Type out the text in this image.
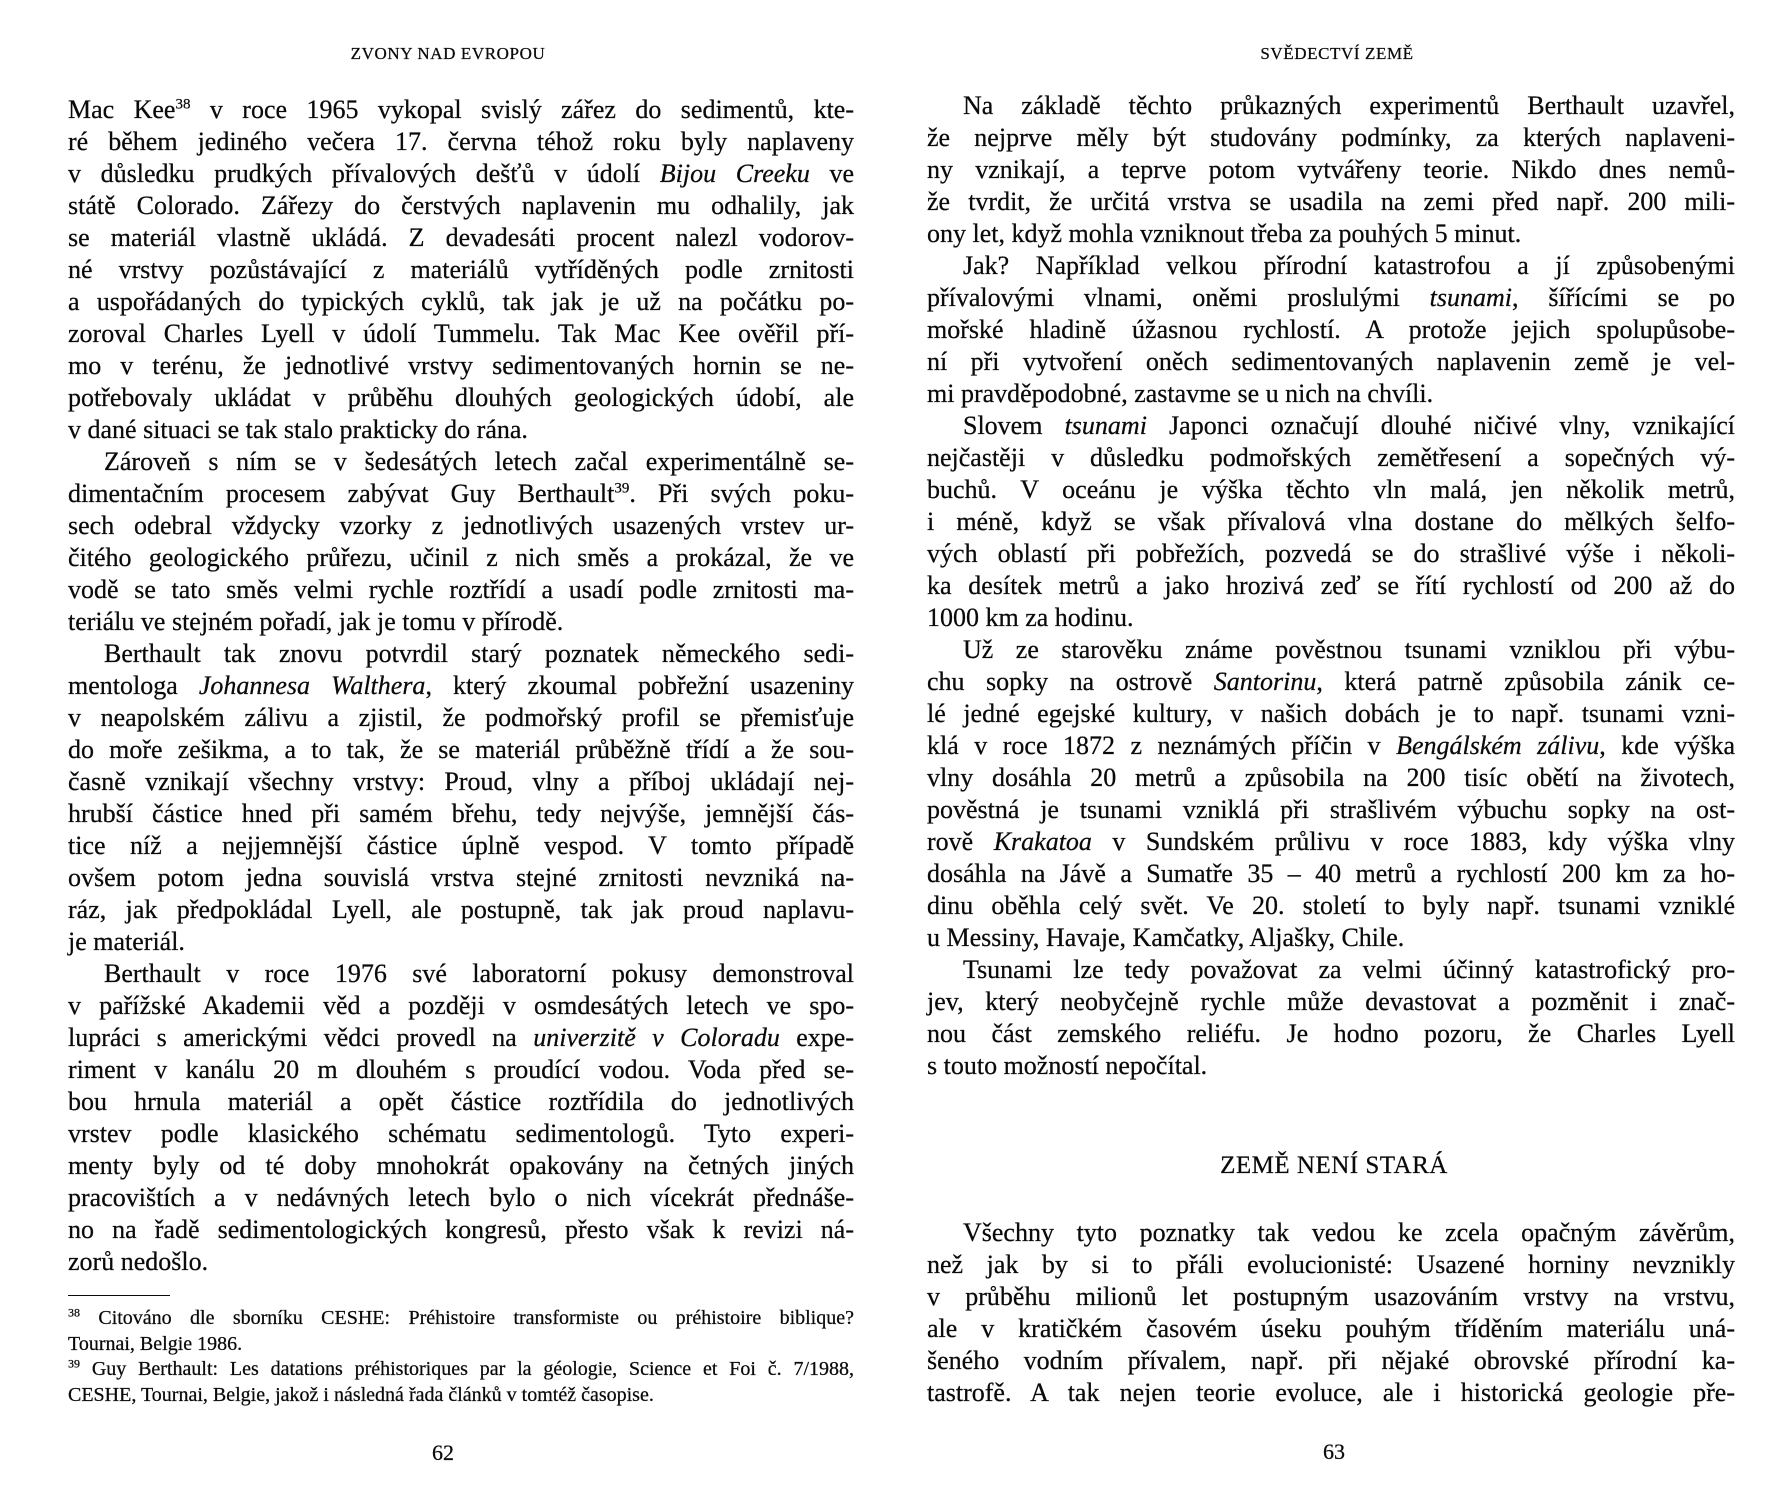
ZVONY NAD EVROPOU
Mac Kee$^{38}$ v roce 1965 vykopal svislý zářez do sedimentů, kte-
ré během jediného večera 17. června téhož roku byly naplaveny
v důsledku prudkých přívalových dešťů v údolí Bijou Creeku ve
státě Colorado. Zářezy do čerstvých naplavenin mu odhalily, jak
se materiál vlastně ukládá. Z devadesáti procent nalezl vodorov-
né vrstvy pozůstávající z materiálů vytříděných podle zrnitosti
a uspořádaných do typických cyklů, tak jak je už na počátku po-
zoroval Charles Lyell v údolí Tummelu. Tak Mac Kee ověřil pří-
mo v terénu, že jednotlivé vrstvy sedimentovaných hornin se ne-
potřebovaly ukládat v průběhu dlouhých geologických údobí, ale
v dané situaci se tak stalo prakticky do rána.
Zároveň s ním se v šedesátých letech začal experimentálně se-
dimentačním procesem zabývat Guy Berthault$^{39}$. Při svých poku-
sech odebral vždycky vzorky z jednotlivých usazených vrstev ur-
čitého geologického průřezu, učinil z nich směs a prokázal, že ve
vodě se tato směs velmi rychle roztřídí a usadí podle zrnitosti ma-
teriálu ve stejném pořadí, jak je tomu v přírodě.
Berthault tak znovu potvrdil starý poznatek německého sedi-
mentologa Johannesa Walthera, který zkoumal pobřežní usazeniny
v neapolském zálivu a zjistil, že podmořský profil se přemisťuje
do moře zešikma, a to tak, že se materiál průběžně třídí a že sou-
časně vznikají všechny vrstvy: Proud, vlny a příboj ukládají nej-
hrubší částice hned při samém břehu, tedy nejvýše, jemnější čás-
tice níž a nejjemnější částice úplně vespod. V tomto případě
ovšem potom jedna souvislá vrstva stejné zrnitosti nevzniká na-
ráz, jak předpokládal Lyell, ale postupně, tak jak proud naplavu-
je materiál.
Berthault v roce 1976 své laboratorní pokusy demonstroval
v pařížské Akademii věd a později v osmdesátých letech ve spo-
lupráci s americkými vědci provedl na univerzitě v Coloradu expe-
riment v kanálu 20 m dlouhém s proudící vodou. Voda před se-
bou hrnula materiál a opět částice roztřídila do jednotlivých
vrstev podle klasického schématu sedimentologů. Tyto experi-
menty byly od té doby mnohokrát opakovány na četných jiných
pracovištích a v nedávných letech bylo o nich vícekrát přednáše-
no na řadě sedimentologických kongresů, přesto však k revizi ná-
zorů nedošlo.
$^{38}$ Citováno dle sborníku CESHE: Préhistoire transformiste ou préhistoire biblique?
Tournai, Belgie 1986.
$^{39}$ Guy Berthault: Les datations préhistoriques par la géologie, Science et Foi č. 7/1988,
CESHE, Tournai, Belgie, jakož i následná řada článků v tomtéž časopise.
62
SVĚDECTVÍ ZEMĚ
Na základě těchto průkazných experimentů Berthault uzavřel,
že nejprve měly být studovány podmínky, za kterých naplaveni-
ny vznikají, a teprve potom vytvářeny teorie. Nikdo dnes nemů-
že tvrdit, že určitá vrstva se usadila na zemi před např. 200 mili-
ony let, když mohla vzniknout třeba za pouhých 5 minut.
Jak? Například velkou přírodní katastrofou a jí způsobenými
přívalovými vlnami, oněmi proslulými tsunami, šířícími se po
mořské hladině úžasnou rychlostí. A protože jejich spolupůsobe-
ní při vytvoření oněch sedimentovaných naplavenin země je vel-
mi pravděpodobné, zastavme se u nich na chvíli.
Slovem tsunami Japonci označují dlouhé ničivé vlny, vznikající
nejčastěji v důsledku podmořských zemětřesení a sopečných vý-
buchů. V oceánu je výška těchto vln malá, jen několik metrů,
i méně, když se však přívalová vlna dostane do mělkých šelfo-
vých oblastí při pobřežích, pozvedá se do strašlivé výše i několi-
ka desítek metrů a jako hrozivá zeď se řítí rychlostí od 200 až do
1000 km za hodinu.
Už ze starověku známe pověstnou tsunami vzniklou při výbu-
chu sopky na ostrově Santorinu, která patrně způsobila zánik ce-
lé jedné egejské kultury, v našich dobách je to např. tsunami vzni-
klá v roce 1872 z neznámých příčin v Bengálském zálivu, kde výška
vlny dosáhla 20 metrů a způsobila na 200 tisíc obětí na životech,
pověstná je tsunami vzniklá při strašlivém výbuchu sopky na ost-
rově Krakatoa v Sundském průlivu v roce 1883, kdy výška vlny
dosáhla na Jávě a Sumatře 35 – 40 metrů a rychlostí 200 km za ho-
dinu oběhla celý svět. Ve 20. století to byly např. tsunami vzniklé
u Messiny, Havaje, Kamčatky, Aljašky, Chile.
Tsunami lze tedy považovat za velmi účinný katastrofický pro-
jev, který neobyčejně rychle může devastovat a pozměnit i znač-
nou část zemského reliéfu. Je hodno pozoru, že Charles Lyell
s touto možností nepočítal.
ZEMĚ NENÍ STARÁ
Všechny tyto poznatky tak vedou ke zcela opačným závěrům,
než jak by si to přáli evolucionisté: Usazené horniny nevznikly
v průběhu milionů let postupným usazováním vrstvy na vrstvu,
ale v kratičkém časovém úseku pouhým tříděním materiálu uná-
šeného vodním přívalem, např. při nějaké obrovské přírodní ka-
tastrofě. A tak nejen teorie evoluce, ale i historická geologie pře-
63
